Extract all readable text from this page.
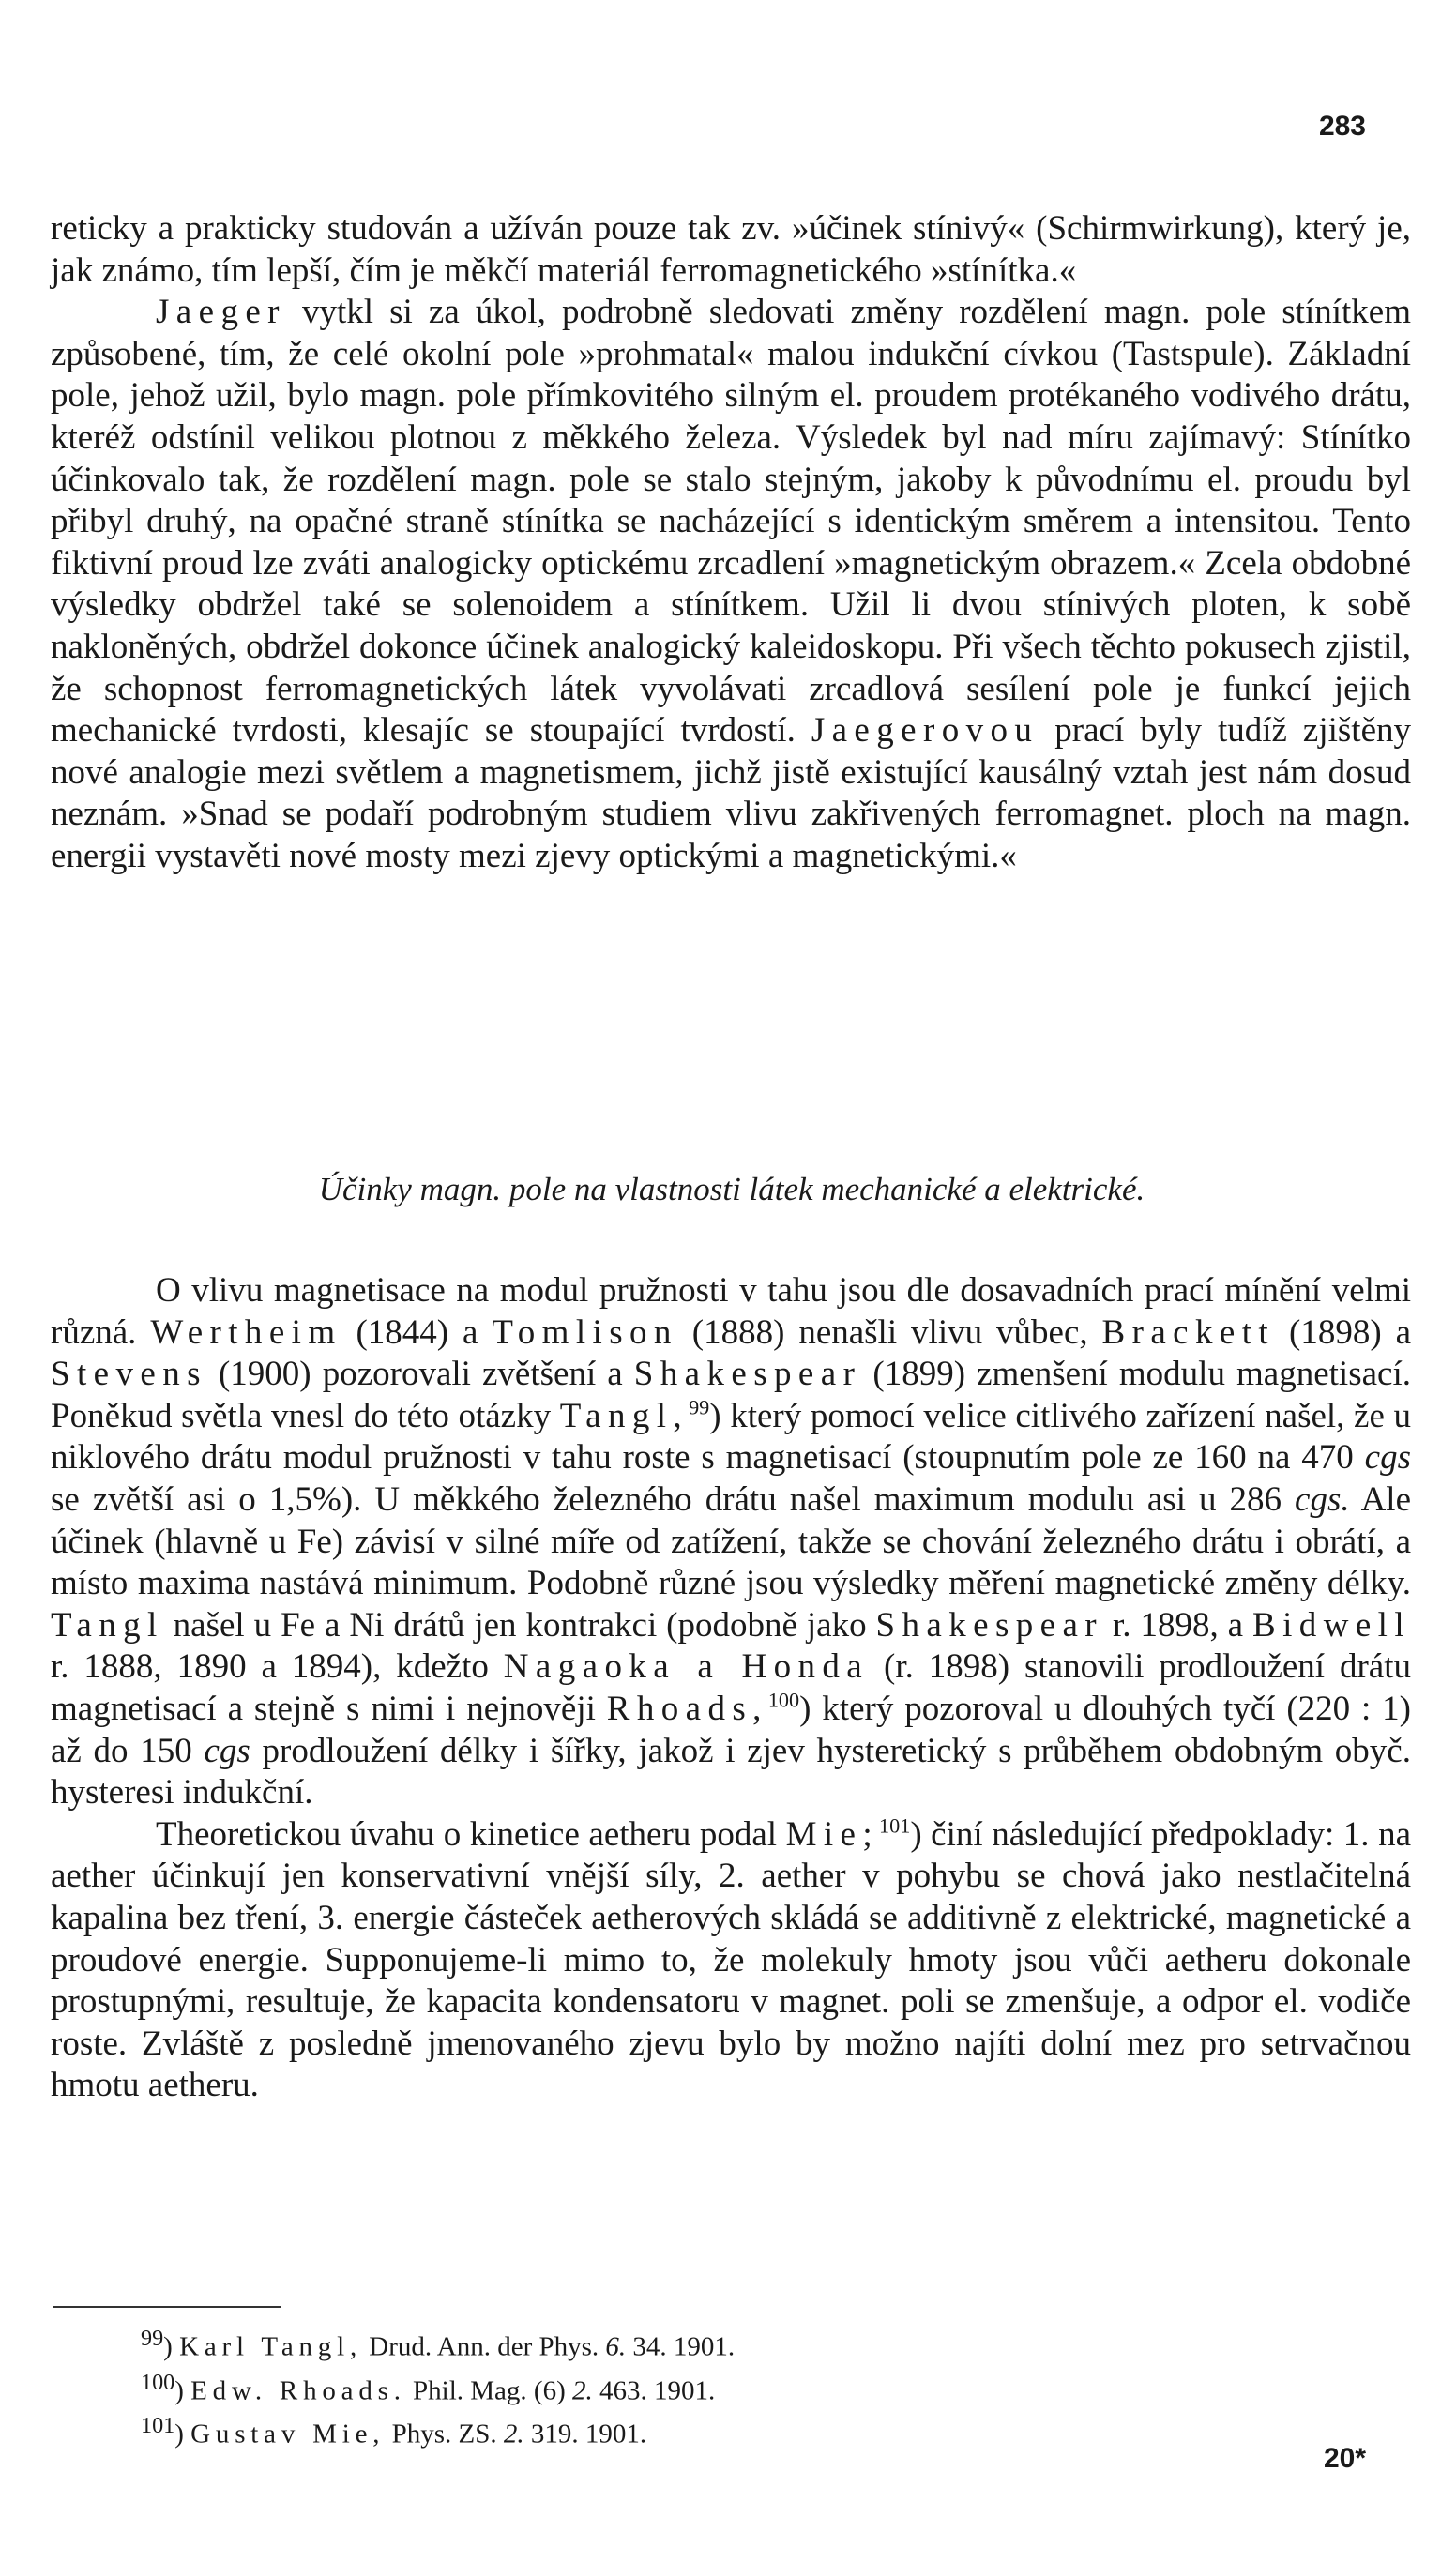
283

reticky a prakticky studován a užíván pouze tak zv. »účinek stínivý« (Schirmwirkung), který je, jak známo, tím lepší, čím je měkčí materiál ferromagnetického »stínítka.«

Jaeger vytkl si za úkol, podrobně sledovati změny rozdělení magn. pole stínítkem způsobené, tím, že celé okolní pole »prohmatal« malou indukční cívkou (Tastspule). Základní pole, jehož užil, bylo magn. pole přímkovitého silným el. proudem protékaného vodivého drátu, kteréž odstínil velikou plotnou z měkkého železa. Výsledek byl nad míru zajímavý: Stínítko účinkovalo tak, že rozdělení magn. pole se stalo stejným, jakoby k původnímu el. proudu byl přibyl druhý, na opačné straně stínítka se nacházející s identickým směrem a intensitou. Tento fiktivní proud lze zváti analogicky optickému zrcadlení »magnetickým obrazem.« Zcela obdobné výsledky obdržel také se solenoidem a stínítkem. Užil li dvou stínivých ploten, k sobě nakloněných, obdržel dokonce účinek analogický kaleidoskopu. Při všech těchto pokusech zjistil, že schopnost ferromagnetických látek vyvolávati zrcadlová sesílení pole je funkcí jejich mechanické tvrdosti, klesajíc se stoupající tvrdostí. Jaegerovou prací byly tudíž zjištěny nové analogie mezi světlem a magnetismem, jichž jistě existující kausálný vztah jest nám dosud neznám. »Snad se podaří podrobným studiem vlivu zakřivených ferromagnet. ploch na magn. energii vystavěti nové mosty mezi zjevy optickými a magnetickými.«

Účinky magn. pole na vlastnosti látek mechanické a elektrické.

O vlivu magnetisace na modul pružnosti v tahu jsou dle dosavadních prací mínění velmi různá. Wertheim (1844) a Tomlison (1888) nenašli vlivu vůbec, Brackett (1898) a Stevens (1900) pozorovali zvětšení a Shakespear (1899) zmenšení modulu magnetisací. Poněkud světla vnesl do této otázky Tangl,$^{99}$) který pomocí velice citlivého zařízení našel, že u niklového drátu modul pružnosti v tahu roste s magnetisací (stoupnutím pole ze 160 na 470 cgs se zvětší asi o 1,5%). U měkkého železného drátu našel maximum modulu asi u 286 cgs. Ale účinek (hlavně u Fe) závisí v silné míře od zatížení, takže se chování železného drátu i obrátí, a místo maxima nastává minimum. Podobně různé jsou výsledky měření magnetické změny délky. Tangl našel u Fe a Ni drátů jen kontrakci (podobně jako Shakespear r. 1898, a Bidwell r. 1888, 1890 a 1894), kdežto Nagaoka a Honda (r. 1898) stanovili prodloužení drátu magnetisací a stejně s nimi i nejnověji Rhoads,$^{100}$) který pozoroval u dlouhých tyčí (220 : 1) až do 150 cgs prodloužení délky i šířky, jakož i zjev hysteretický s průběhem obdobným obyč. hysteresi indukční.

Theoretickou úvahu o kinetice aetheru podal Mie;$^{101}$) činí následující předpoklady: 1. na aether účinkují jen konservativní vnější síly, 2. aether v pohybu se chová jako nestlačitelná kapalina bez tření, 3. energie částeček aetherových skládá se additivně z elektrické, magnetické a proudové energie. Supponujeme-li mimo to, že molekuly hmoty jsou vůči aetheru dokonale prostupnými, resultuje, že kapacita kondensatoru v magnet. poli se zmenšuje, a odpor el. vodiče roste. Zvláště z posledně jmenovaného zjevu bylo by možno najíti dolní mez pro setrvačnou hmotu aetheru.

$^{99}$) Karl Tangl, Drud. Ann. der Phys. 6. 34. 1901.

$^{100}$) Edw. Rhoads. Phil. Mag. (6) 2. 463. 1901.

$^{101}$) Gustav Mie, Phys. ZS. 2. 319. 1901.

20*
